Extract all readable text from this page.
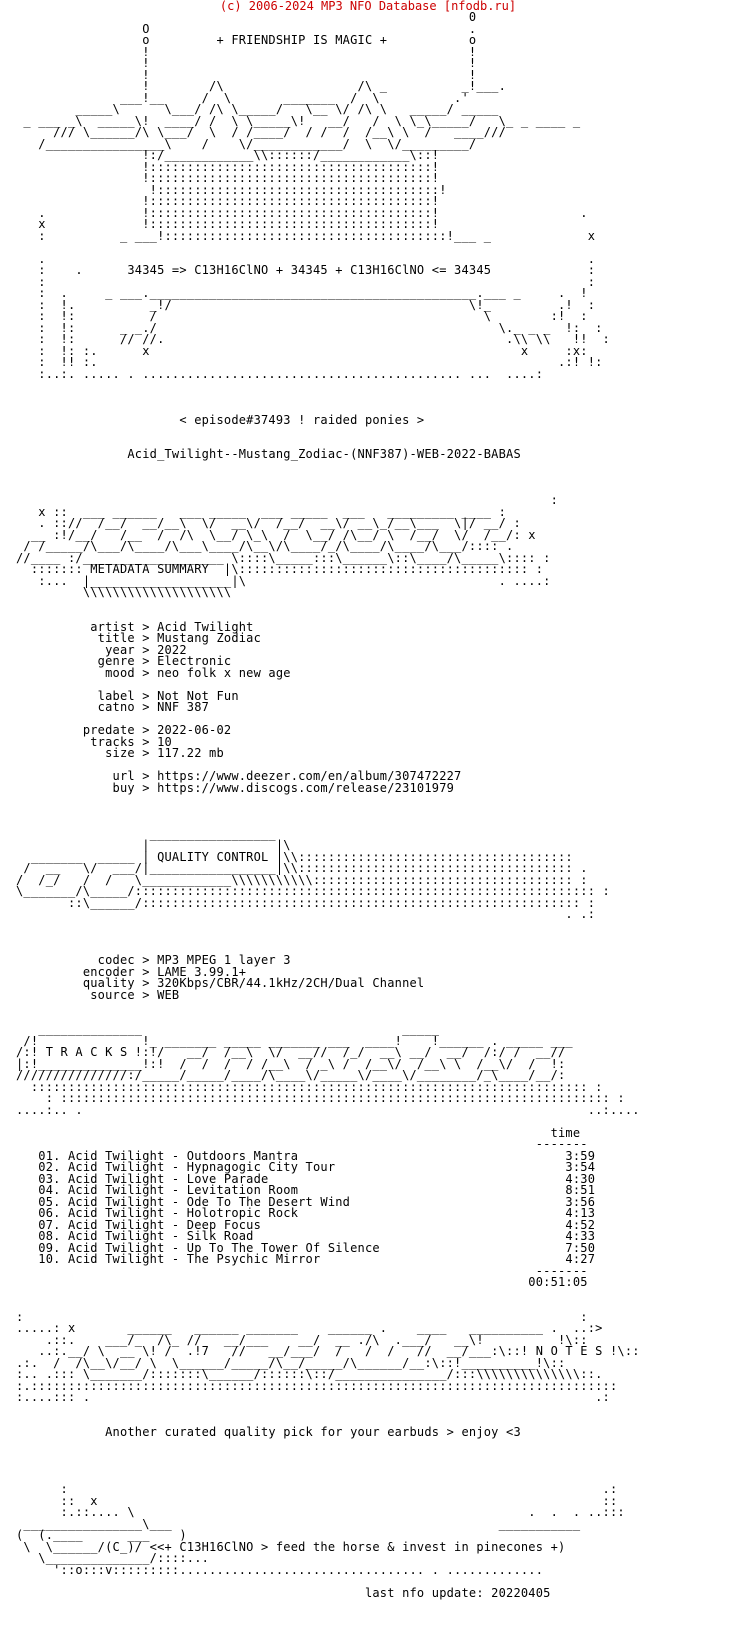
(c) 2006-2024 MP3 NFO Database [nfodb.ru]
0
O                                           .
o         + FRIENDSHIP IS MAGIC +           o
!                                           !
!                                           !
!                                           !
!        /\                  /\ _          _!___.
___!__     /  \       _______  /  \          .'
_____\      \___/ /\ \_____/   \__ \/ /\ \   _____/ _____
_ ___ _\  _____\!  ____/ /  \ \_____\!   __/   /  \ \_\_____/   \_ _ ____ _
/// \______/\ \___/  \  / /____/  / /  /  /__\ \  /   ____///
/________________\    /    \/____________/  \  \/_________/
!:/____________\\::::::/____________\::!
!::::::::::::::::::::::::::::::::::::::!
!::::::::::::::::::::::::::::::::::::::!
!::::::::::::::::::::::::::::::::::::::!
!::::::::::::::::::::::::::::::::::::::!
.             !::::::::::::::::::::::::::::::::::::::!                   .
x             !::::::::::::::::::::::::::::::::::::::!
:          _ ___!::::::::::::::::::::::::::::::::::::::!___ _             x

.                                                                         .
:    .      34345 => C13H16ClNO + 34345 + C13H16ClNO <= 34345             :
:                                                                         :
:  .     _ ___.____________________________________________.___ _     .  !
:  !.          _!/                                        \!_         .!  :
:  !:          /                                            \        :!  :
:  !:      _ _./                                              \._ _ _  !:  :
:  !:      // //.                                              .\\ \\   !!  :
:  !: :.      x                                                  x     :x:
:  !! :.                                                              .:! !:
:..:. ..... . ........................................... ...  ....:

< episode#37493 ! raided ponies >

Acid_Twilight--Mustang_Zodiac-(NNF387)-WEB-2022-BABAS

:
x ::  ___ ______   ___ _____  ___ _____  ___   _________ ____ :
. :://  /__/  __/__\  \/  __\/  /__/  __\/ __\_/__\___  \|/ __/ :
__ :!/__/   /__  /  /\  \__/ \_\  /  \__/ /\__/ \  /__/  \/  /__/: x
/ /_____/\___/\____/\___\____/\__\/\____/_/\____/\____/\___/:::: .
//____ :/___________________ \::::\_____:::\______\::\____/\_____\:::: :
::::::: METADATA SUMMARY  |\::::::::::::::::::::::::::::::::::::::: :
:...  |___________________|\                                  . ....:
\\\\\\\\\\\\\\\\\\\\

artist > Acid Twilight
title > Mustang Zodiac
year > 2022
genre > Electronic
mood > neo folk x new age

label > Not Not Fun
catno > NNF 387

predate > 2022-06-02
tracks > 10
size > 117.22 mb

url > https://www.deezer.com/en/album/307472227
buy > https://www.discogs.com/release/23101979

_________________
|                 |\
_______  _____ | QUALITY CONTROL |\\:::::::::::::::::::::::::::::::::::::
/  __   \/  ___/|_________________|\\::::::::::::::::::::::::::::::::::::: .
/  /_/   /  /   \____________\\\\\\\\\\\::::::::::::::::::::::::::::::::::: :
\_______/\_____/:::::::::::::::::::::::::::::::::::::::::::::::::::::::::::::: :
::\______/::::::::::::::::::::::::::::::::::::::::::::::::::::::::::: :
. .:

codec > MP3 MPEG 1 layer 3
encoder > LAME 3.99.1+
quality > 320Kbps/CBR/44.1kHz/2CH/Dual Channel
source > WEB

______________                                   _____
/!              !_ _______ _____ _______ ___  ____!    !______ . _____ ___
/:! T R A C K S !:!/   __/  /__\  \/  __//  /_/  __\ __/  __/  /:/ /  __//
|:!______________!:!  /  /  /  / /__\  / _\ /  /__\/  /__\ \  /__\/  /  !:
///////////////:/_____/_____/____/\____\/_____\/____\/________/_\____/__/:
::::::::::::::::::::::::::::::::::::::::::::::::::::::::::::::::::::::::::: :
: :::::::::::::::::::::::::::::::::::::::::::::::::::::::::::::::::::::::::: :
....:.. .                                                                    ..:....

time
-------
01. Acid Twilight - Outdoors Mantra                                    3:59
02. Acid Twilight - Hypnagogic City Tour                               3:54
03. Acid Twilight - Love Parade                                        4:30
04. Acid Twilight - Levitation Room                                    8:51
05. Acid Twilight - Ode To The Desert Wind                             3:56
06. Acid Twilight - Holotropic Rock                                    4:13
07. Acid Twilight - Deep Focus                                         4:52
08. Acid Twilight - Silk Road                                          4:33
09. Acid Twilight - Up To The Tower Of Silence                         7:50
10. Acid Twilight - The Psychic Mirror                                 4:27
-------
00:51:05

:                                                                           :
.....: x       ______   ______ _______    ______ .    ____   __________ .  ..:>
.::.    ___/_  /\_ //   __/___    __/  __ ./\  .___/   __\!          !\::
..:.__/ \  __ \! /  .!7   //   __/___/  /   /  /   //  __/___:\::! N O T E S !\::
.:.  /  /\__\/__/ \  \______/_____/\__/_____/\______/__:\::!__________!\::
:.. .::: \_______/:::::::\______/::::::\::/_______________/:::\\\\\\\\\\\\\\::.
:.:::::::::::::::::::::::::::::::::::::::::::::::::::::::::::::::::::::::::::::::
:....::: .                                                                    .:

Another curated quality pick for your earbuds > enjoy <3

:                                                                        .:
::  x                                                                    ::
:.::.... \                                                     .  .  . ..:::
________________\___                                            ___________
(  (.____      ___    )
\  \______/(C_)/ <<+ C13H16ClNO > feed the horse & invest in pinecones +)
\______________/::::...
'::o:::v:::::::::................................. . .............

last nfo update: 20220405
